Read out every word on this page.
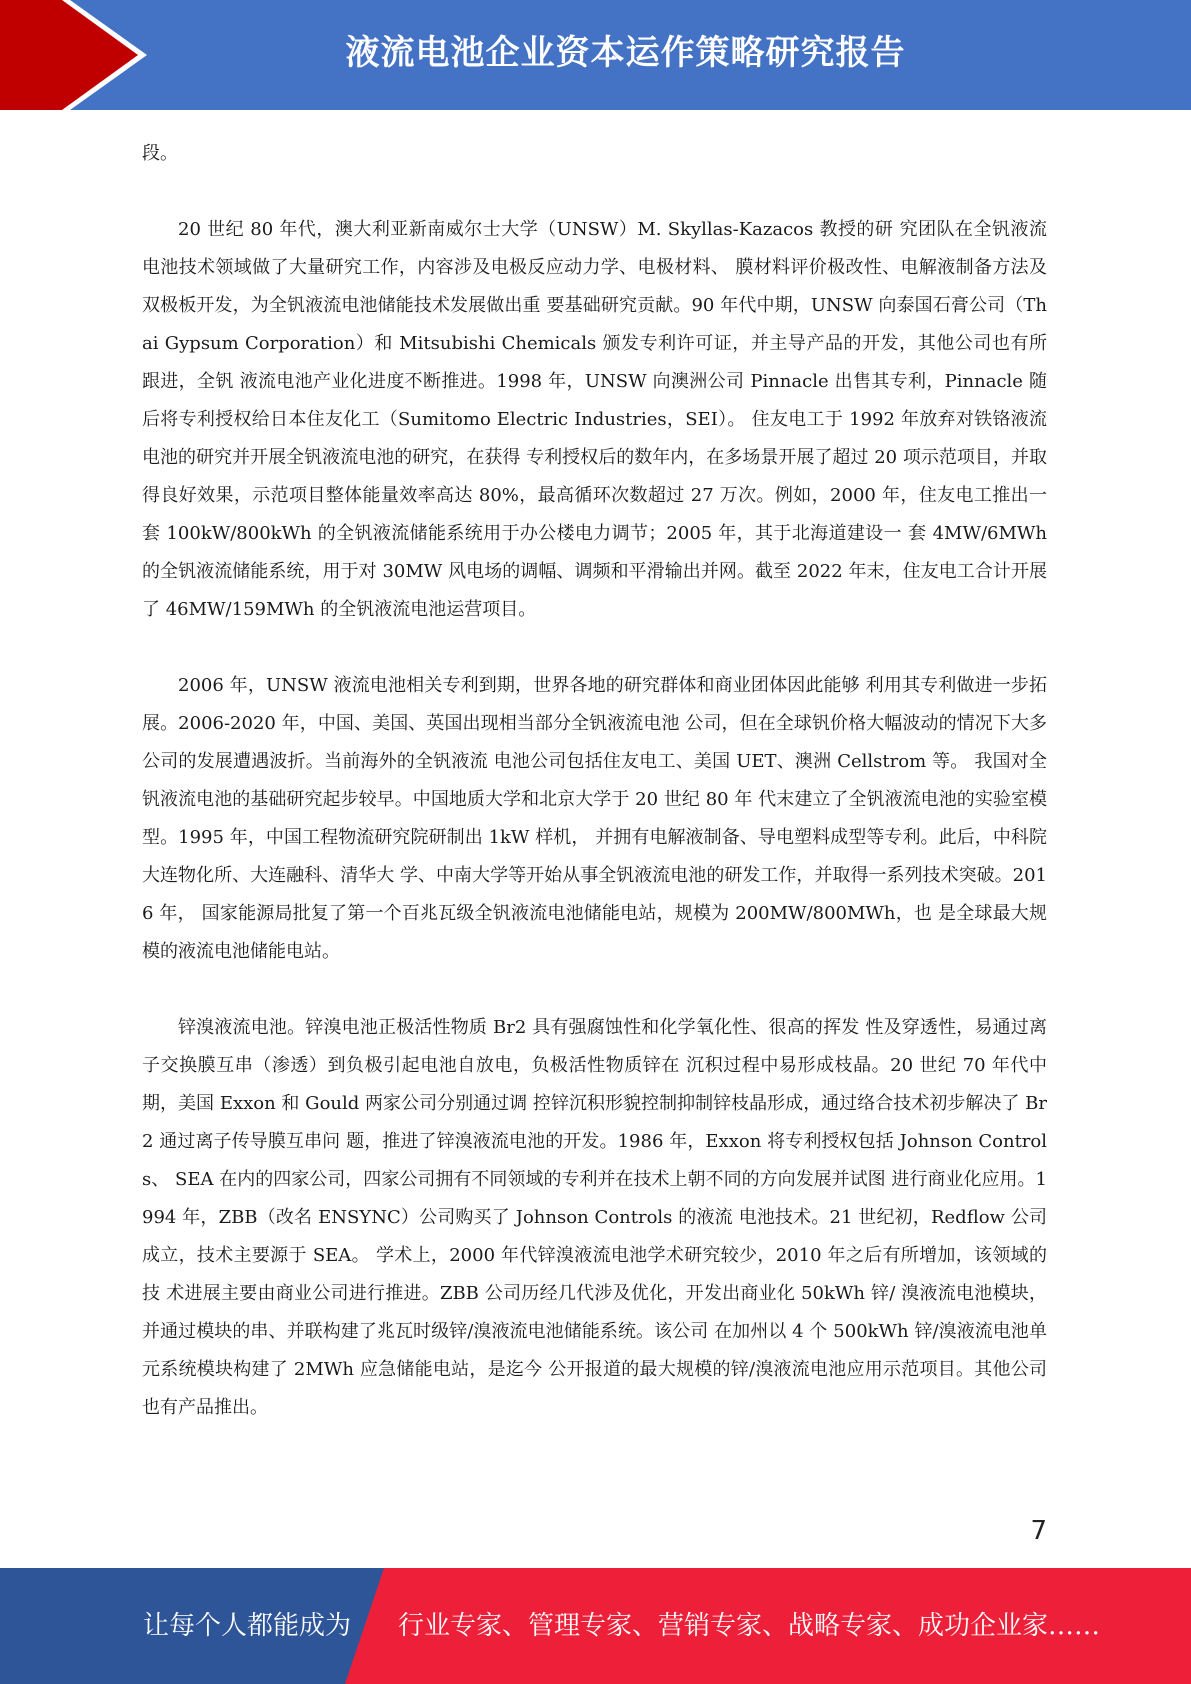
液流电池企业资本运作策略研究报告

段。

20 世纪 80 年代，澳大利亚新南威尔士大学（UNSW）M. Skyllas-Kazacos 教授的研 究团队在全钒液流电池技术领域做了大量研究工作，内容涉及电极反应动力学、电极材料、 膜材料评价极改性、电解液制备方法及双极板开发，为全钒液流电池储能技术发展做出重 要基础研究贡献。90 年代中期，UNSW 向泰国石膏公司（Thai Gypsum Corporation）和 Mitsubishi Chemicals 颁发专利许可证，并主导产品的开发，其他公司也有所跟进，全钒 液流电池产业化进度不断推进。1998 年，UNSW 向澳洲公司 Pinnacle 出售其专利，Pinnacle 随后将专利授权给日本住友化工（Sumitomo Electric Industries，SEI）。 住友电工于 1992 年放弃对铁铬液流电池的研究并开展全钒液流电池的研究，在获得 专利授权后的数年内，在多场景开展了超过 20 项示范项目，并取得良好效果，示范项目整体能量效率高达 80%，最高循环次数超过 27 万次。例如，2000 年，住友电工推出一套 100kW/800kWh 的全钒液流储能系统用于办公楼电力调节；2005 年，其于北海道建设一 套 4MW/6MWh 的全钒液流储能系统，用于对 30MW 风电场的调幅、调频和平滑输出并网。截至 2022 年末，住友电工合计开展了 46MW/159MWh 的全钒液流电池运营项目。

2006 年，UNSW 液流电池相关专利到期，世界各地的研究群体和商业团体因此能够 利用其专利做进一步拓展。2006-2020 年，中国、美国、英国出现相当部分全钒液流电池 公司，但在全球钒价格大幅波动的情况下大多公司的发展遭遇波折。当前海外的全钒液流 电池公司包括住友电工、美国 UET、澳洲 Cellstrom 等。 我国对全钒液流电池的基础研究起步较早。中国地质大学和北京大学于 20 世纪 80 年 代末建立了全钒液流电池的实验室模型。1995 年，中国工程物流研究院研制出 1kW 样机， 并拥有电解液制备、导电塑料成型等专利。此后，中科院大连物化所、大连融科、清华大 学、中南大学等开始从事全钒液流电池的研发工作，并取得一系列技术突破。2016 年， 国家能源局批复了第一个百兆瓦级全钒液流电池储能电站，规模为 200MW/800MWh，也 是全球最大规模的液流电池储能电站。

锌溴液流电池。锌溴电池正极活性物质 Br2 具有强腐蚀性和化学氧化性、很高的挥发 性及穿透性，易通过离子交换膜互串（渗透）到负极引起电池自放电，负极活性物质锌在 沉积过程中易形成枝晶。20 世纪 70 年代中期，美国 Exxon 和 Gould 两家公司分别通过调 控锌沉积形貌控制抑制锌枝晶形成，通过络合技术初步解决了 Br2 通过离子传导膜互串问 题，推进了锌溴液流电池的开发。1986 年，Exxon 将专利授权包括 Johnson Controls、 SEA 在内的四家公司，四家公司拥有不同领域的专利并在技术上朝不同的方向发展并试图 进行商业化应用。1994 年，ZBB（改名 ENSYNC）公司购买了 Johnson Controls 的液流 电池技术。21 世纪初，Redflow 公司成立，技术主要源于 SEA。 学术上，2000 年代锌溴液流电池学术研究较少，2010 年之后有所增加，该领域的技 术进展主要由商业公司进行推进。ZBB 公司历经几代涉及优化，开发出商业化 50kWh 锌/ 溴液流电池模块，并通过模块的串、并联构建了兆瓦时级锌/溴液流电池储能系统。该公司 在加州以 4 个 500kWh 锌/溴液流电池单元系统模块构建了 2MWh 应急储能电站，是迄今 公开报道的最大规模的锌/溴液流电池应用示范项目。其他公司也有产品推出。

7
让每个人都能成为 行业专家、管理专家、营销专家、战略专家、成功企业家……
